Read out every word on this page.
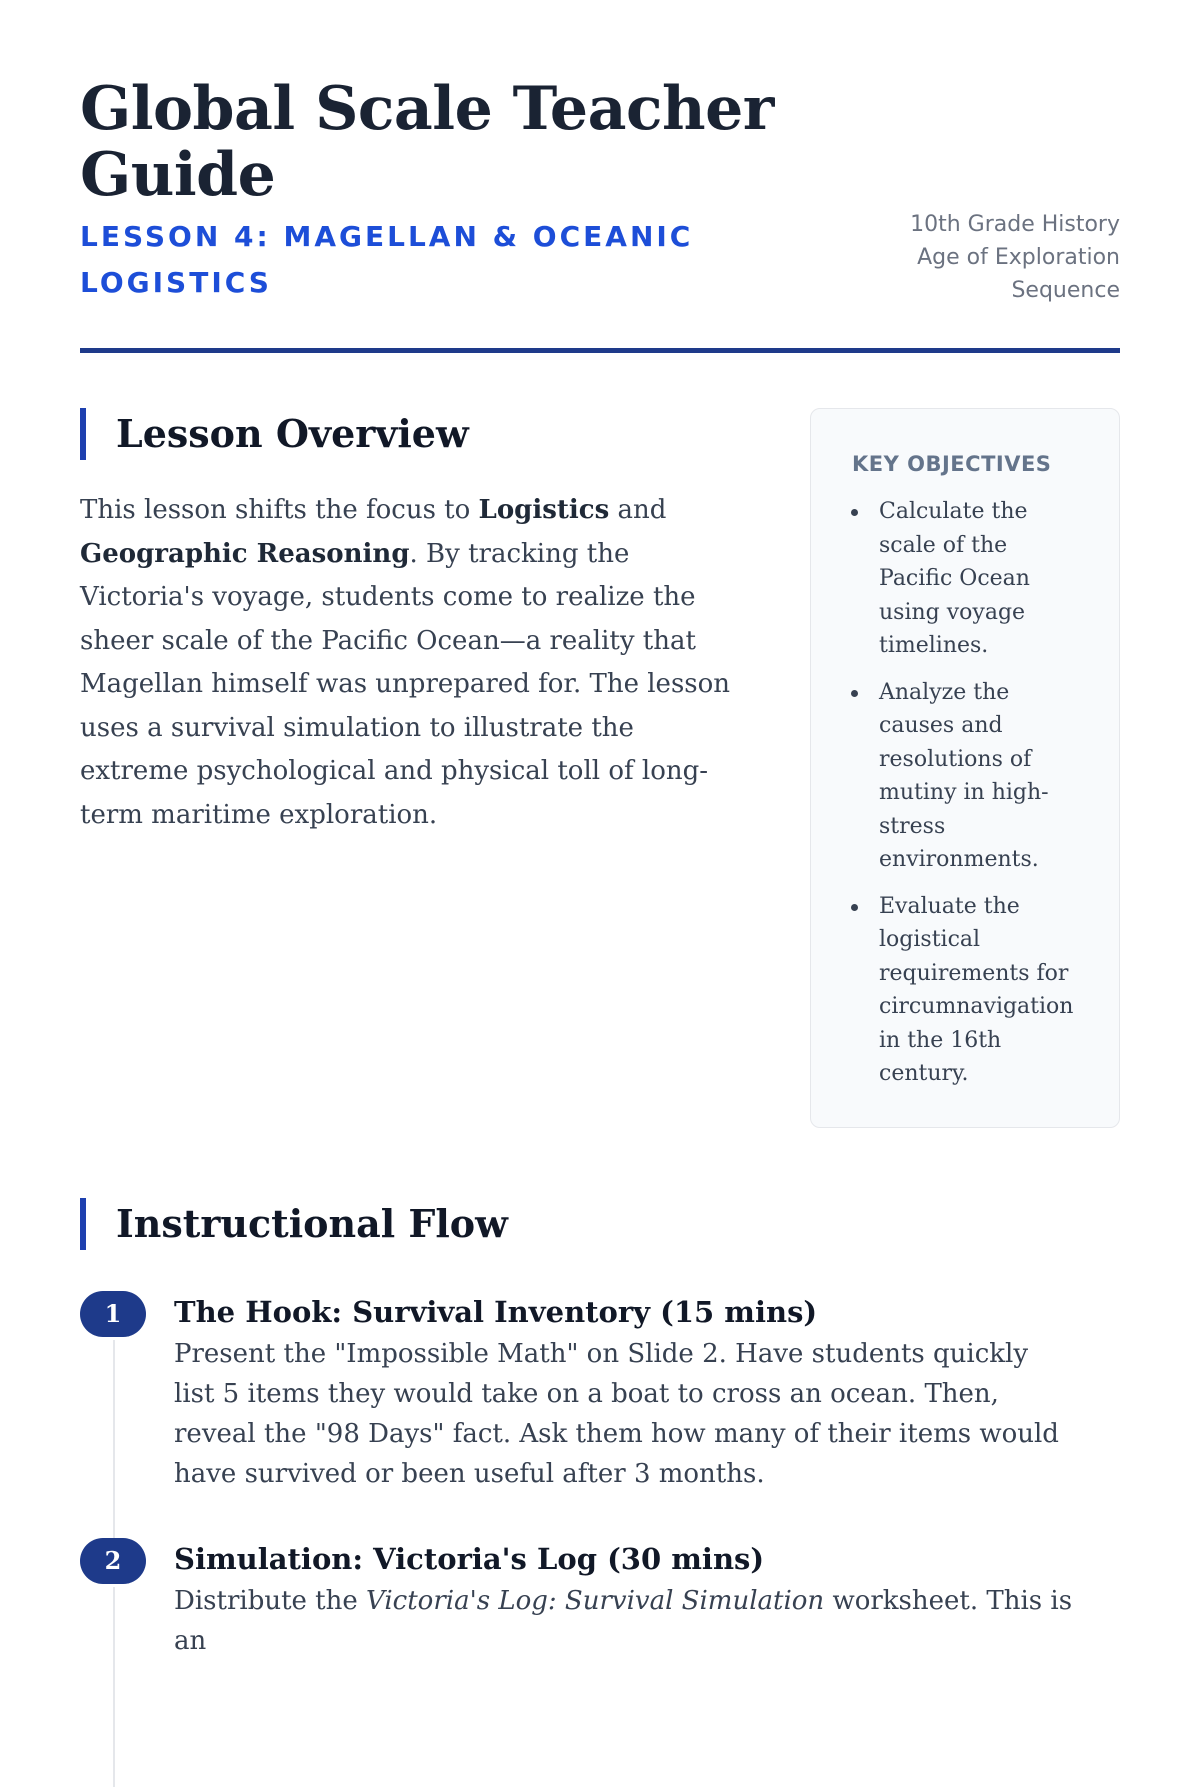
Global Scale Teacher Guide
LESSON 4: MAGELLAN & OCEANIC LOGISTICS
10th Grade History
Age of Exploration
Sequence
Lesson Overview

This lesson shifts the focus to Logistics and Geographic Reasoning. By tracking the Victoria's voyage, students come to realize the sheer scale of the Pacific Ocean—a reality that Magellan himself was unprepared for. The lesson uses a survival simulation to illustrate the extreme psychological and physical toll of long-term maritime exploration.

KEY OBJECTIVES
Calculate the scale of the Pacific Ocean using voyage timelines.
Analyze the causes and resolutions of mutiny in high-stress environments.
Evaluate the logistical requirements for circumnavigation in the 16th century.
Instructional Flow
1	The Hook: Survival Inventory (15 mins)

Present the "Impossible Math" on Slide 2. Have students quickly list 5 items they would take on a boat to cross an ocean. Then, reveal the "98 Days" fact. Ask them how many of their items would have survived or been useful after 3 months.

2	Simulation: Victoria's Log (30 mins)

Distribute the Victoria's Log: Survival Simulation worksheet. This is an
